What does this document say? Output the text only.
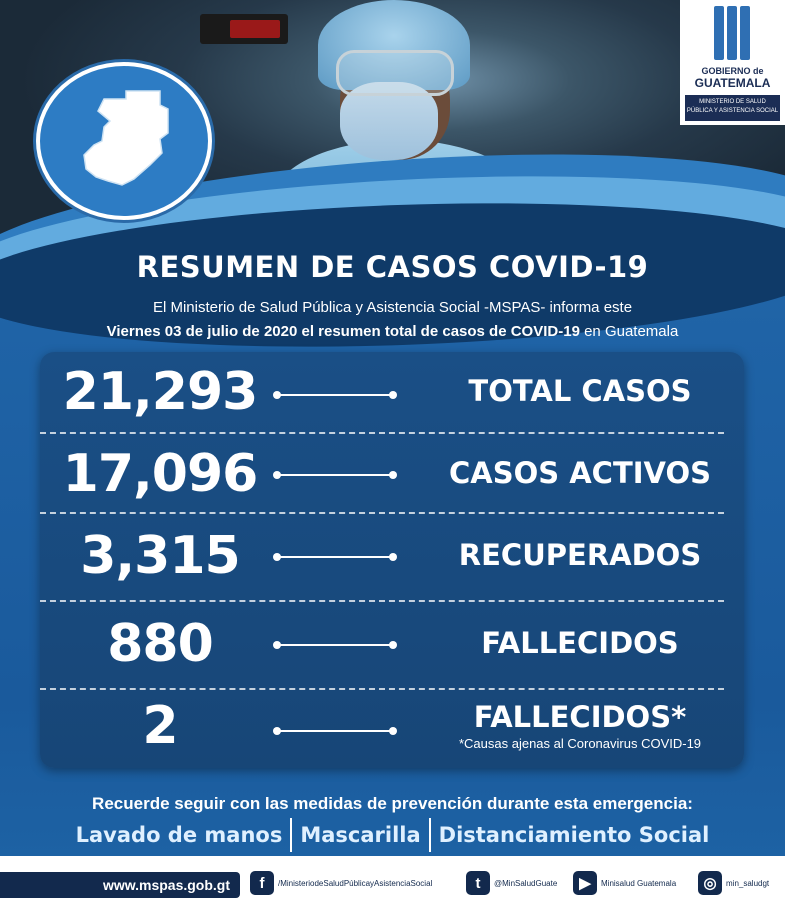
GOBIERNO de
GUATEMALA
MINISTERIO DE SALUD
PÚBLICA Y ASISTENCIA SOCIAL
RESUMEN DE CASOS COVID-19
El Ministerio de Salud Pública y Asistencia Social -MSPAS- informa este
Viernes 03 de julio de 2020 el resumen total de casos de COVID-19 en Guatemala
21,293	TOTAL CASOS
17,096	CASOS ACTIVOS
3,315	RECUPERADOS
880	FALLECIDOS
2	FALLECIDOS*
*Causas ajenas al Coronavirus COVID-19
Recuerde seguir con las medidas de prevención durante esta emergencia:
Lavado de manos Mascarilla Distanciamiento Social
www.mspas.gob.gt	f	/MinisteriodeSaludPúblicayAsistenciaSocial	t	@MinSaludGuate	▶	Minisalud Guatemala	◎	min_saludgt
